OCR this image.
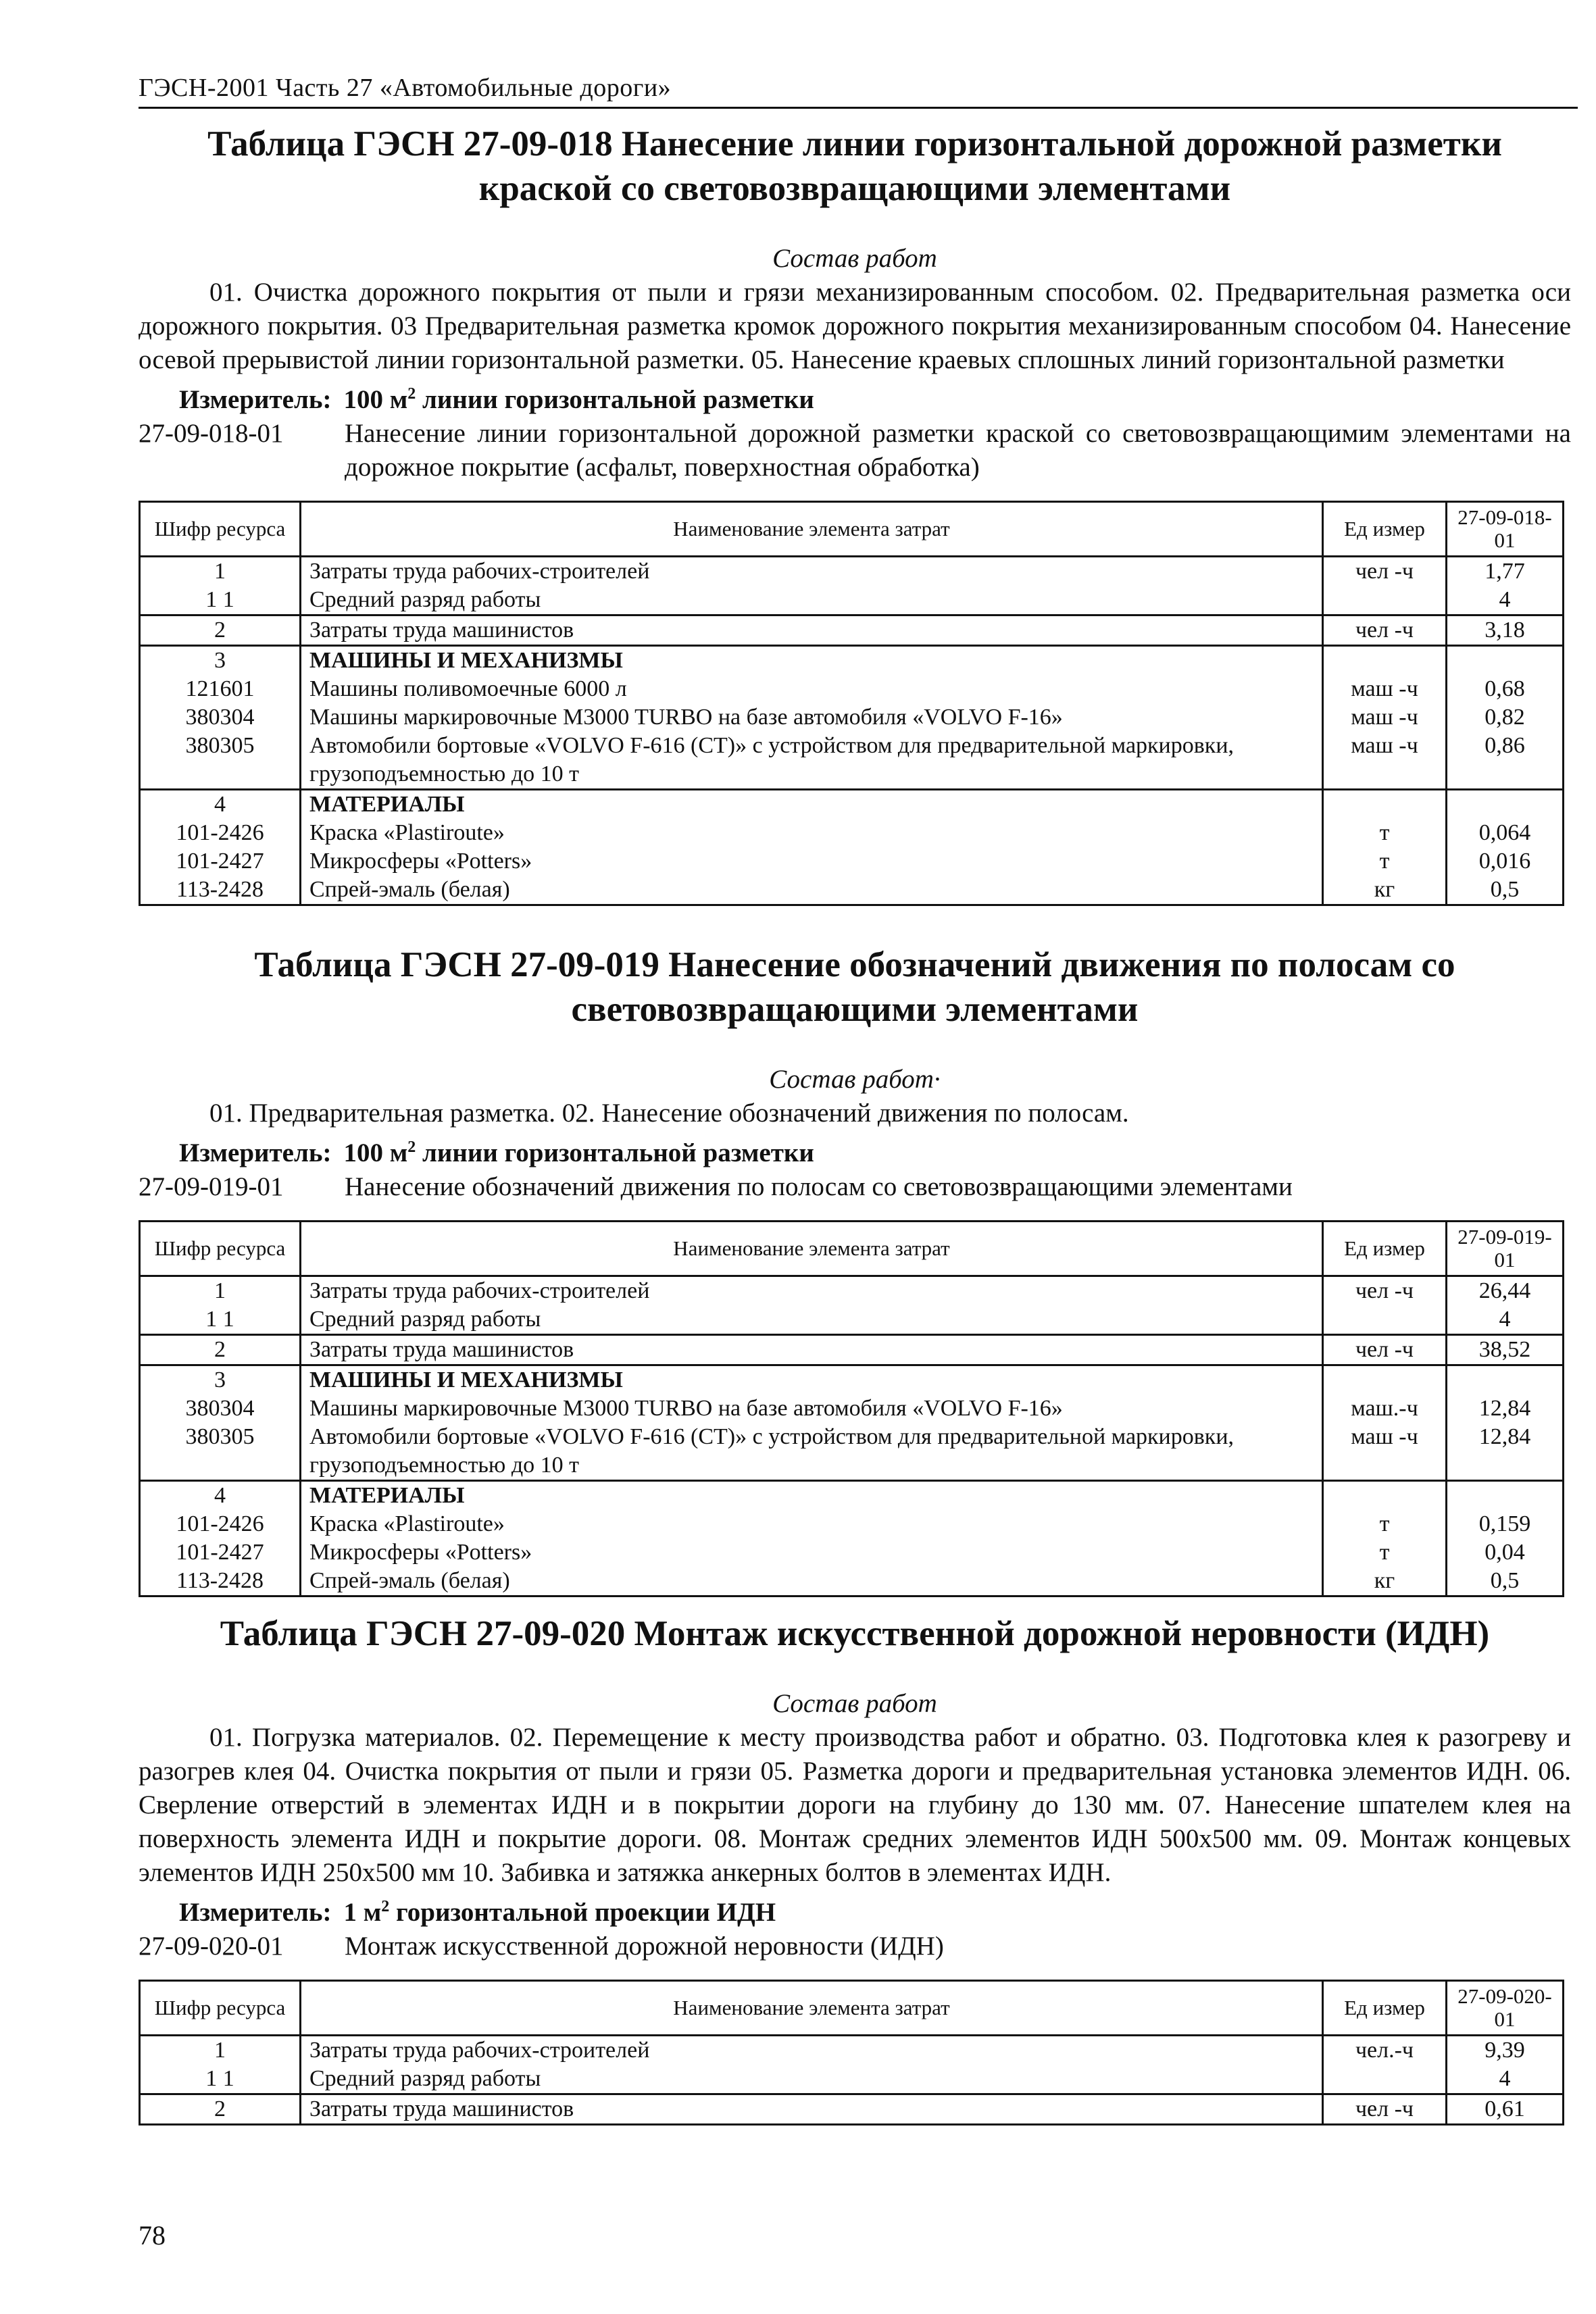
ГЭСН-2001 Часть 27 «Автомобильные дороги»
Таблица ГЭСН 27-09-018 Нанесение линии горизонтальной дорожной разметки краской со световозвращающими элементами
Состав работ
01. Очистка дорожного покрытия от пыли и грязи механизированным способом. 02. Предварительная разметка оси дорожного покрытия. 03 Предварительная разметка кромок дорожного покрытия механизированным способом 04. Нанесение осевой прерывистой линии горизонтальной разметки. 05. Нанесение краевых сплошных линий горизонтальной разметки
Измеритель: 100 $м^2$ линии горизонтальной разметки
27-09-018-01	Нанесение линии горизонтальной дорожной разметки краской со световозвращающимим элементами на дорожное покрытие (асфальт, поверхностная обработка)
Шифр ресурса	Наименование элемента затрат	Ед измер	27-09-018-01
1	Затраты труда рабочих-строителей	чел -ч	1,77
1 1	Средний разряд работы		4
2	Затраты труда машинистов	чел -ч	3,18
3	МАШИНЫ И МЕХАНИЗМЫ		
121601	Машины поливомоечные 6000 л	маш -ч	0,68
380304	Машины маркировочные M3000 TURBO на базе автомобиля «VOLVO F-16»	маш -ч	0,82
380305	Автомобили бортовые «VOLVO F-616 (CT)» с устройством для предварительной маркировки, грузоподъемностью до 10 т	маш -ч	0,86
4	МАТЕРИАЛЫ		
101-2426	Краска «Plastiroute»	т	0,064
101-2427	Микросферы «Potters»	т	0,016
113-2428	Спрей-эмаль (белая)	кг	0,5
Таблица ГЭСН 27-09-019 Нанесение обозначений движения по полосам со световозвращающими элементами
Состав работ·
01. Предварительная разметка. 02. Нанесение обозначений движения по полосам.
Измеритель: 100 $м^2$ линии горизонтальной разметки
27-09-019-01	Нанесение обозначений движения по полосам со световозвращающими элементами
Шифр ресурса	Наименование элемента затрат	Ед измер	27-09-019-01
1	Затраты труда рабочих-строителей	чел -ч	26,44
1 1	Средний разряд работы		4
2	Затраты труда машинистов	чел -ч	38,52
3	МАШИНЫ И МЕХАНИЗМЫ		
380304	Машины маркировочные M3000 TURBO на базе автомобиля «VOLVO F-16»	маш.-ч	12,84
380305	Автомобили бортовые «VOLVO F-616 (CT)» с устройством для предварительной маркировки, грузоподъемностью до 10 т	маш -ч	12,84
4	МАТЕРИАЛЫ		
101-2426	Краска «Plastiroute»	т	0,159
101-2427	Микросферы «Potters»	т	0,04
113-2428	Спрей-эмаль (белая)	кг	0,5
Таблица ГЭСН 27-09-020 Монтаж искусственной дорожной неровности (ИДН)
Состав работ
01. Погрузка материалов. 02. Перемещение к месту производства работ и обратно. 03. Подготовка клея к разогреву и разогрев клея 04. Очистка покрытия от пыли и грязи 05. Разметка дороги и предварительная установка элементов ИДН. 06. Сверление отверстий в элементах ИДН и в покрытии дороги на глубину до 130 мм. 07. Нанесение шпателем клея на поверхность элемента ИДН и покрытие дороги. 08. Монтаж средних элементов ИДН 500х500 мм. 09. Монтаж концевых элементов ИДН 250х500 мм 10. Забивка и затяжка анкерных болтов в элементах ИДН.
Измеритель: 1 $м^2$ горизонтальной проекции ИДН
27-09-020-01	Монтаж искусственной дорожной неровности (ИДН)
Шифр ресурса	Наименование элемента затрат	Ед измер	27-09-020-01
1	Затраты труда рабочих-строителей	чел.-ч	9,39
1 1	Средний разряд работы		4
2	Затраты труда машинистов	чел -ч	0,61
78
